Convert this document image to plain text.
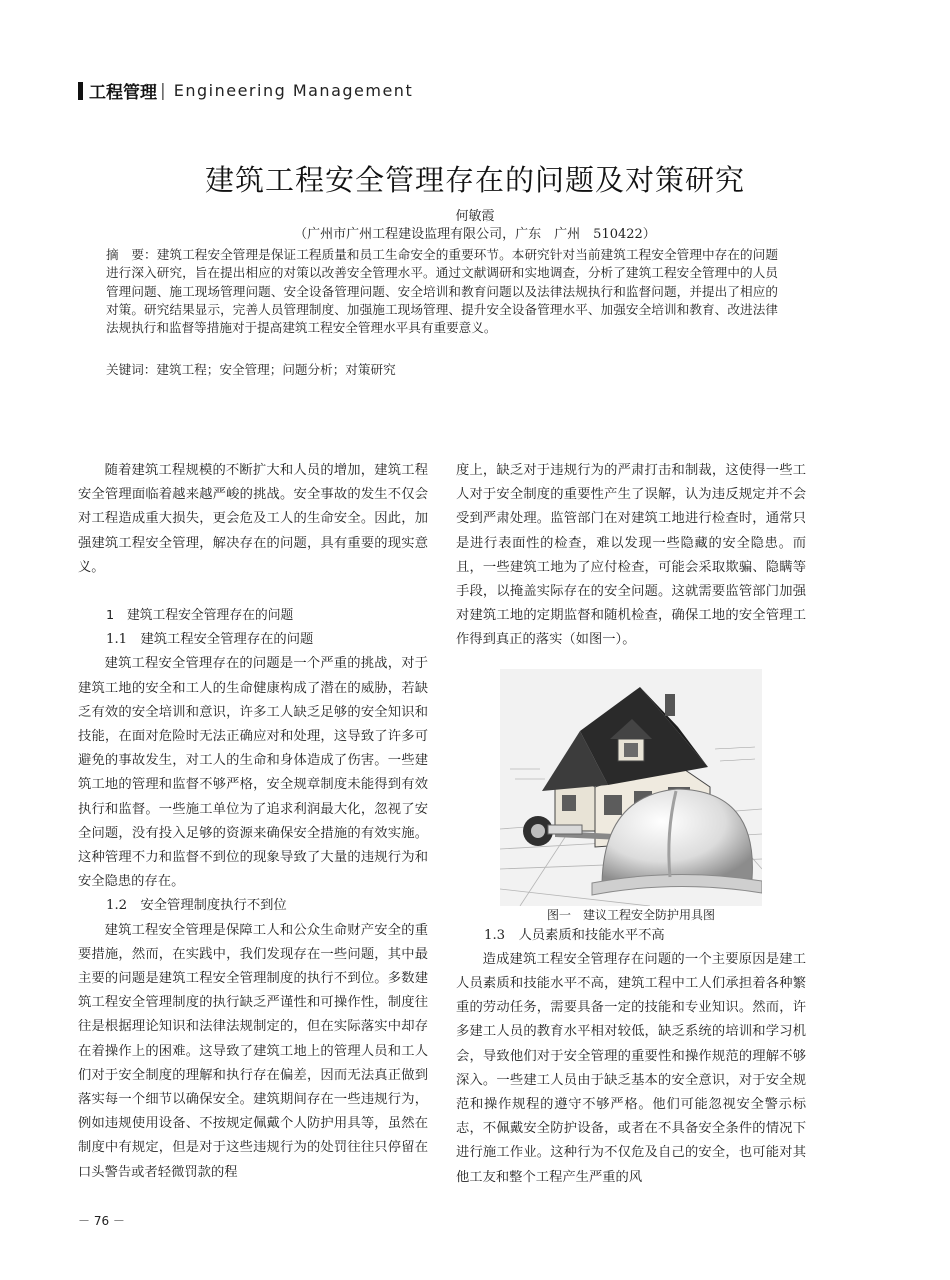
工程管理 | Engineering Management
建筑工程安全管理存在的问题及对策研究
何敏霞
（广州市广州工程建设监理有限公司，广东　广州　510422）
摘　要：建筑工程安全管理是保证工程质量和员工生命安全的重要环节。本研究针对当前建筑工程安全管理中存在的问题进行深入研究，旨在提出相应的对策以改善安全管理水平。通过文献调研和实地调查，分析了建筑工程安全管理中的人员管理问题、施工现场管理问题、安全设备管理问题、安全培训和教育问题以及法律法规执行和监督问题，并提出了相应的对策。研究结果显示，完善人员管理制度、加强施工现场管理、提升安全设备管理水平、加强安全培训和教育、改进法律法规执行和监督等措施对于提高建筑工程安全管理水平具有重要意义。
关键词：建筑工程；安全管理；问题分析；对策研究

随着建筑工程规模的不断扩大和人员的增加，建筑工程安全管理面临着越来越严峻的挑战。安全事故的发生不仅会对工程造成重大损失，更会危及工人的生命安全。因此，加强建筑工程安全管理，解决存在的问题，具有重要的现实意义。

1　建筑工程安全管理存在的问题

1.1　建筑工程安全管理存在的问题

建筑工程安全管理存在的问题是一个严重的挑战，对于建筑工地的安全和工人的生命健康构成了潜在的威胁，若缺乏有效的安全培训和意识，许多工人缺乏足够的安全知识和技能，在面对危险时无法正确应对和处理，这导致了许多可避免的事故发生，对工人的生命和身体造成了伤害。一些建筑工地的管理和监督不够严格，安全规章制度未能得到有效执行和监督。一些施工单位为了追求利润最大化，忽视了安全问题，没有投入足够的资源来确保安全措施的有效实施。这种管理不力和监督不到位的现象导致了大量的违规行为和安全隐患的存在。

1.2　安全管理制度执行不到位

建筑工程安全管理是保障工人和公众生命财产安全的重要措施，然而，在实践中，我们发现存在一些问题，其中最主要的问题是建筑工程安全管理制度的执行不到位。多数建筑工程安全管理制度的执行缺乏严谨性和可操作性，制度往往是根据理论知识和法律法规制定的，但在实际落实中却存在着操作上的困难。这导致了建筑工地上的管理人员和工人们对于安全制度的理解和执行存在偏差，因而无法真正做到落实每一个细节以确保安全。建筑期间存在一些违规行为，例如违规使用设备、不按规定佩戴个人防护用具等，虽然在制度中有规定，但是对于这些违规行为的处罚往往只停留在口头警告或者轻微罚款的程

度上，缺乏对于违规行为的严肃打击和制裁，这使得一些工人对于安全制度的重要性产生了误解，认为违反规定并不会受到严肃处理。监管部门在对建筑工地进行检查时，通常只是进行表面性的检查，难以发现一些隐藏的安全隐患。而且，一些建筑工地为了应付检查，可能会采取欺骗、隐瞒等手段，以掩盖实际存在的安全问题。这就需要监管部门加强对建筑工地的定期监督和随机检查，确保工地的安全管理工作得到真正的落实（如图一）。

图一　建议工程安全防护用具图

1.3　人员素质和技能水平不高

造成建筑工程安全管理存在问题的一个主要原因是建工人员素质和技能水平不高，建筑工程中工人们承担着各种繁重的劳动任务，需要具备一定的技能和专业知识。然而，许多建工人员的教育水平相对较低，缺乏系统的培训和学习机会，导致他们对于安全管理的重要性和操作规范的理解不够深入。一些建工人员由于缺乏基本的安全意识，对于安全规范和操作规程的遵守不够严格。他们可能忽视安全警示标志，不佩戴安全防护设备，或者在不具备安全条件的情况下进行施工作业。这种行为不仅危及自己的安全，也可能对其他工友和整个工程产生严重的风

－ 76 －
